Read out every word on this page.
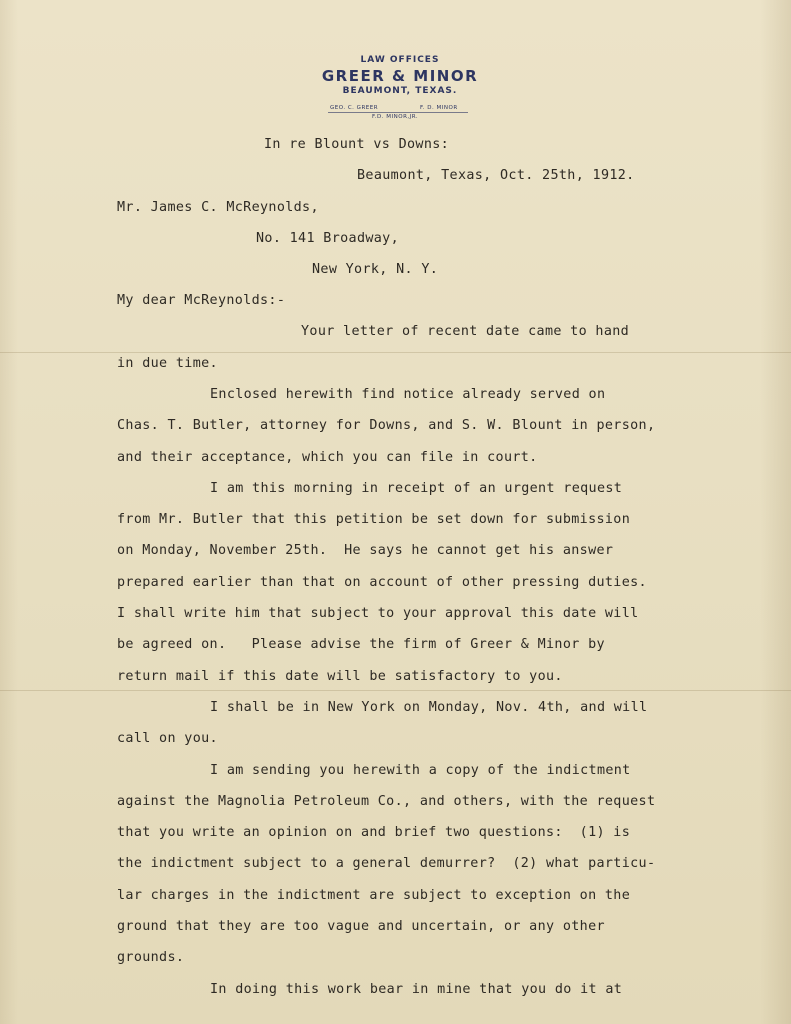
LAW OFFICES
GREER & MINOR
BEAUMONT, TEXAS.
GEO. C. GREER	F. D. MINOR
F.D. MINOR,JR.
In re Blount vs Downs:
Beaumont, Texas, Oct. 25th, 1912.
Mr. James C. McReynolds,
No. 141 Broadway,
New York, N. Y.
My dear McReynolds:-
Your letter of recent date came to hand
in due time.
Enclosed herewith find notice already served on
Chas. T. Butler, attorney for Downs, and S. W. Blount in person,
and their acceptance, which you can file in court.
I am this morning in receipt of an urgent request
from Mr. Butler that this petition be set down for submission
on Monday, November 25th.  He says he cannot get his answer
prepared earlier than that on account of other pressing duties.
I shall write him that subject to your approval this date will
be agreed on.   Please advise the firm of Greer & Minor by
return mail if this date will be satisfactory to you.
I shall be in New York on Monday, Nov. 4th, and will
call on you.
I am sending you herewith a copy of the indictment
against the Magnolia Petroleum Co., and others, with the request
that you write an opinion on and brief two questions:  (1) is
the indictment subject to a general demurrer?  (2) what particu-
lar charges in the indictment are subject to exception on the
ground that they are too vague and uncertain, or any other
grounds.
In doing this work bear in mine that you do it at
